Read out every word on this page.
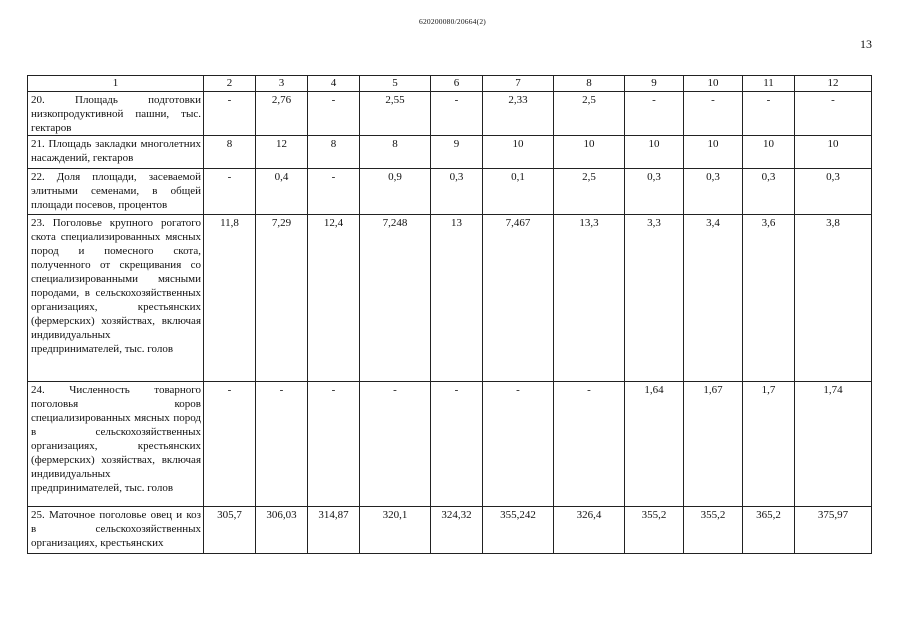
620200080/20664(2)
13
1	2	3	4	5	6	7	8	9	10	11	12
20. Площадь подготовки низкопродуктивной пашни, тыс. гектаров	-	2,76	-	2,55	-	2,33	2,5	-	-	-	-
21. Площадь закладки многолетних насаждений, гектаров	8	12	8	8	9	10	10	10	10	10	10
22. Доля площади, засеваемой элитными семенами, в общей площади посевов, процентов	-	0,4	-	0,9	0,3	0,1	2,5	0,3	0,3	0,3	0,3
23. Поголовье крупного рогатого скота специализированных мясных пород и помесного скота, полученного от скрещивания со специализированными мясными породами, в сельскохозяйственных организациях, крестьянских (фермерских) хозяйствах, включая индивидуальных предпринимателей, тыс. голов	11,8	7,29	12,4	7,248	13	7,467	13,3	3,3	3,4	3,6	3,8
24. Численность товарного поголовья коров специализированных мясных пород в сельскохозяйственных организациях, крестьянских (фермерских) хозяйствах, включая индивидуальных предпринимателей, тыс. голов	-	-	-	-	-	-	-	1,64	1,67	1,7	1,74
25. Маточное поголовье овец и коз в сельскохозяйственных организациях, крестьянских	305,7	306,03	314,87	320,1	324,32	355,242	326,4	355,2	355,2	365,2	375,97
